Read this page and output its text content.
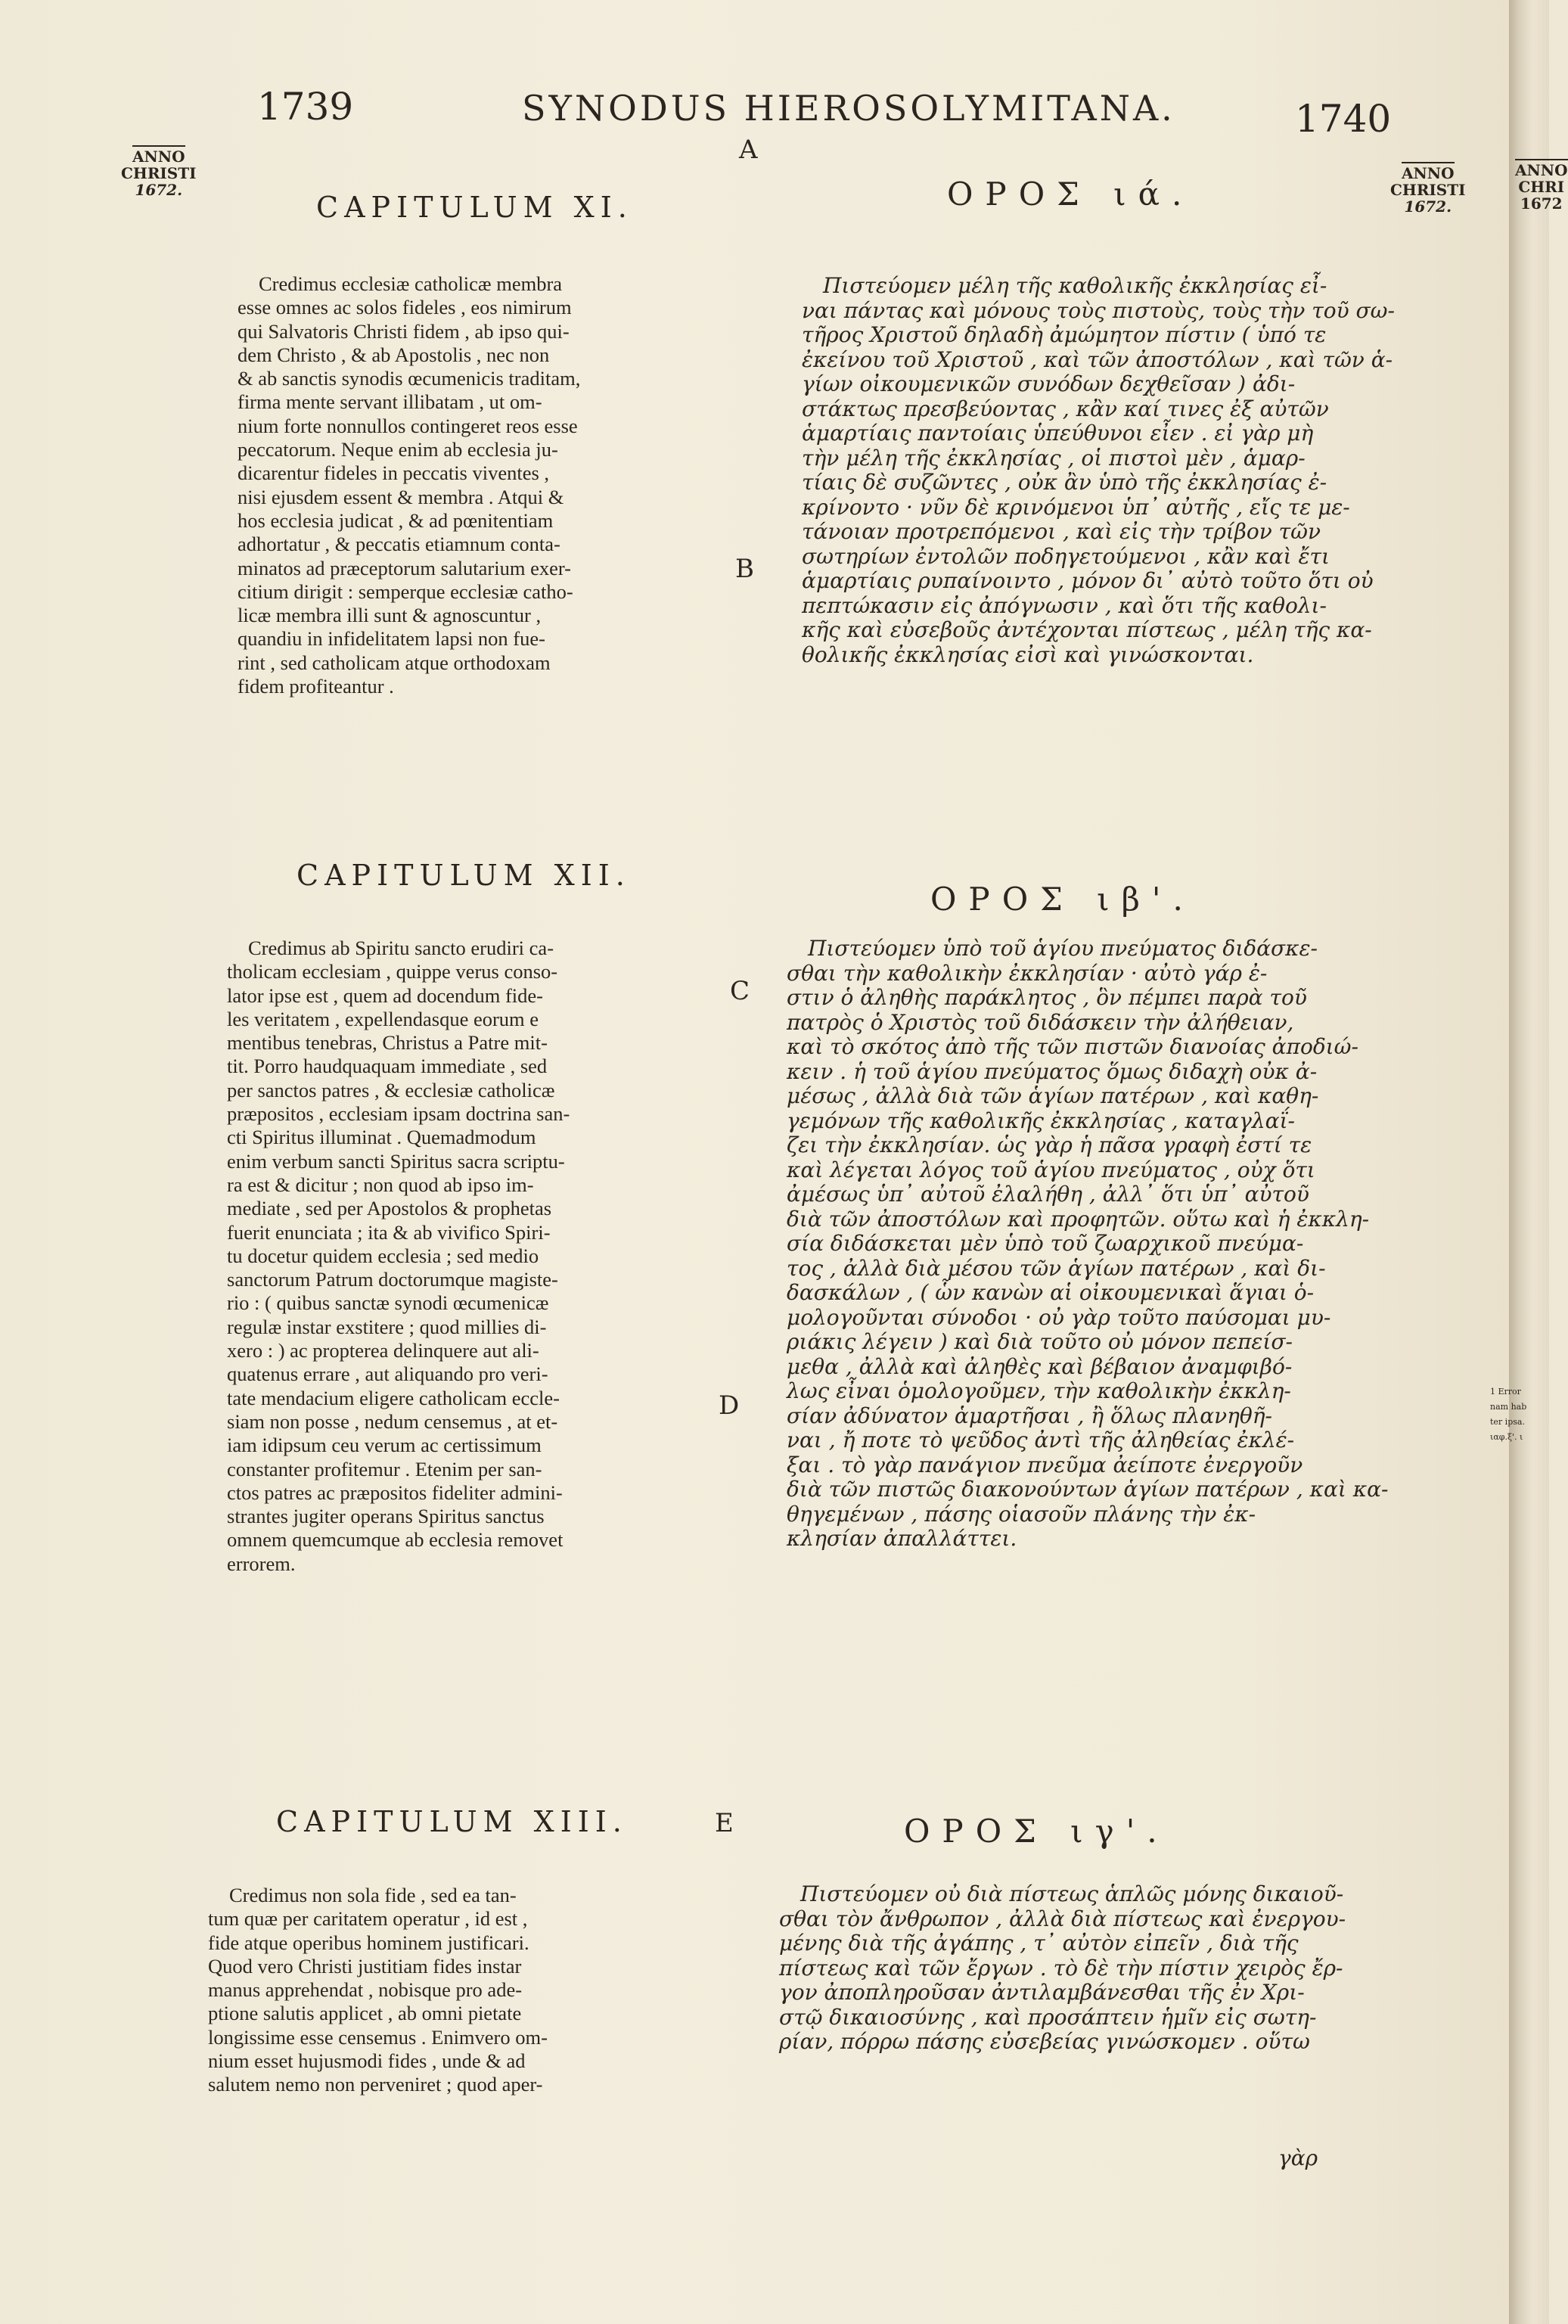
ANNO
CHRI
1672
1739	SYNODUS HIEROSOLYMITANA.	1740
ANNO
CHRISTI
1672.
ANNO
CHRISTI
1672.
A
B
C
D
E
CAPITULUM XI.	ΟΡΟΣ ιά.
CAPITULUM XII.
ΟΡΟΣ ιβ'.
CAPITULUM XIII.	ΟΡΟΣ ιγ'.
Credimus ecclesiæ catholicæ membra
esse omnes ac solos fideles , eos nimirum
qui Salvatoris Christi fidem , ab ipso qui-
dem Christo , & ab Apostolis , nec non
& ab sanctis synodis œcumenicis traditam,
firma mente servant illibatam , ut om-
nium forte nonnullos contingeret reos esse
peccatorum. Neque enim ab ecclesia ju-
dicarentur fideles in peccatis viventes ,
nisi ejusdem essent & membra . Atqui &
hos ecclesia judicat , & ad pœnitentiam
adhortatur , & peccatis etiamnum conta-
minatos ad præceptorum salutarium exer-
citium dirigit : semperque ecclesiæ catho-
licæ membra illi sunt & agnoscuntur ,
quandiu in infidelitatem lapsi non fue-
rint , sed catholicam atque orthodoxam
fidem profiteantur .
Credimus ab Spiritu sancto erudiri ca-
tholicam ecclesiam , quippe verus conso-
lator ipse est , quem ad docendum fide-
les veritatem , expellendasque eorum e
mentibus tenebras, Christus a Patre mit-
tit. Porro haudquaquam immediate , sed
per sanctos patres , & ecclesiæ catholicæ
præpositos , ecclesiam ipsam doctrina san-
cti Spiritus illuminat . Quemadmodum
enim verbum sancti Spiritus sacra scriptu-
ra est & dicitur ; non quod ab ipso im-
mediate , sed per Apostolos & prophetas
fuerit enunciata ; ita & ab vivifico Spiri-
tu docetur quidem ecclesia ; sed medio
sanctorum Patrum doctorumque magiste-
rio : ( quibus sanctæ synodi œcumenicæ
regulæ instar exstitere ; quod millies di-
xero : ) ac propterea delinquere aut ali-
quatenus errare , aut aliquando pro veri-
tate mendacium eligere catholicam eccle-
siam non posse , nedum censemus , at et-
iam idipsum ceu verum ac certissimum
constanter profitemur . Etenim per san-
ctos patres ac præpositos fideliter admini-
strantes jugiter operans Spiritus sanctus
omnem quemcumque ab ecclesia removet
errorem.
Credimus non sola fide , sed ea tan-
tum quæ per caritatem operatur , id est ,
fide atque operibus hominem justificari.
Quod vero Christi justitiam fides instar
manus apprehendat , nobisque pro ade-
ptione salutis applicet , ab omni pietate
longissime esse censemus . Enimvero om-
nium esset hujusmodi fides , unde & ad
salutem nemo non perveniret ; quod aper-
Πιστεύομεν μέλη τῆς καθολικῆς ἐκκλησίας εἶ-
ναι πάντας καὶ μόνους τοὺς πιστοὺς, τοὺς τὴν τοῦ σω-
τῆρος Χριστοῦ δηλαδὴ ἀμώμητον πίστιν ( ὑπό τε
ἐκείνου τοῦ Χριστοῦ , καὶ τῶν ἀποστόλων , καὶ τῶν ἁ-
γίων οἰκουμενικῶν συνόδων δεχθεῖσαν ) ἀδι-
στάκτως πρεσβεύοντας , κἂν καί τινες ἐξ αὐτῶν
ἁμαρτίαις παντοίαις ὑπεύθυνοι εἶεν . εἰ γὰρ μὴ
τὴν μέλη τῆς ἐκκλησίας , οἱ πιστοὶ μὲν , ἁμαρ-
τίαις δὲ συζῶντες , οὐκ ἂν ὑπὸ τῆς ἐκκλησίας ἐ-
κρίνοντο · νῦν δὲ κρινόμενοι ὑπ᾽ αὐτῆς , εἴς τε με-
τάνοιαν προτρεπόμενοι , καὶ εἰς τὴν τρίβον τῶν
σωτηρίων ἐντολῶν ποδηγετούμενοι , κἂν καὶ ἔτι
ἁμαρτίαις ρυπαίνοιντο , μόνον δι᾽ αὐτὸ τοῦτο ὅτι οὐ
πεπτώκασιν εἰς ἀπόγνωσιν , καὶ ὅτι τῆς καθολι-
κῆς καὶ εὐσεβοῦς ἀντέχονται πίστεως , μέλη τῆς κα-
θολικῆς ἐκκλησίας εἰσὶ καὶ γινώσκονται.
Πιστεύομεν ὑπὸ τοῦ ἁγίου πνεύματος διδάσκε-
σθαι τὴν καθολικὴν ἐκκλησίαν · αὐτὸ γάρ ἐ-
στιν ὁ ἀληθὴς παράκλητος , ὃν πέμπει παρὰ τοῦ
πατρὸς ὁ Χριστὸς τοῦ διδάσκειν τὴν ἀλήθειαν,
καὶ τὸ σκότος ἀπὸ τῆς τῶν πιστῶν διανοίας ἀποδιώ-
κειν . ἡ τοῦ ἁγίου πνεύματος ὅμως διδαχὴ οὐκ ἀ-
μέσως , ἀλλὰ διὰ τῶν ἁγίων πατέρων , καὶ καθη-
γεμόνων τῆς καθολικῆς ἐκκλησίας , καταγλαΐ-
ζει τὴν ἐκκλησίαν. ὡς γὰρ ἡ πᾶσα γραφὴ ἐστί τε
καὶ λέγεται λόγος τοῦ ἁγίου πνεύματος , οὐχ ὅτι
ἀμέσως ὑπ᾽ αὐτοῦ ἐλαλήθη , ἀλλ᾽ ὅτι ὑπ᾽ αὐτοῦ
διὰ τῶν ἀποστόλων καὶ προφητῶν. οὕτω καὶ ἡ ἐκκλη-
σία διδάσκεται μὲν ὑπὸ τοῦ ζωαρχικοῦ πνεύμα-
τος , ἀλλὰ διὰ μέσου τῶν ἁγίων πατέρων , καὶ δι-
δασκάλων , ( ὧν κανὼν αἱ οἰκουμενικαὶ ἅγιαι ὁ-
μολογοῦνται σύνοδοι · οὐ γὰρ τοῦτο παύσομαι μυ-
ριάκις λέγειν ) καὶ διὰ τοῦτο οὐ μόνον πεπείσ-
μεθα , ἀλλὰ καὶ ἀληθὲς καὶ βέβαιον ἀναμφιβό-
λως εἶναι ὁμολογοῦμεν, τὴν καθολικὴν ἐκκλη-
σίαν ἀδύνατον ἁμαρτῆσαι , ἢ ὅλως πλανηθῆ-
ναι , ἤ ποτε τὸ ψεῦδος ἀντὶ τῆς ἀληθείας ἐκλέ-
ξαι . τὸ γὰρ πανάγιον πνεῦμα ἀείποτε ἐνεργοῦν
διὰ τῶν πιστῶς διακονούντων ἁγίων πατέρων , καὶ κα-
θηγεμένων , πάσης οἱασοῦν πλάνης τὴν ἐκ-
κλησίαν ἀπαλλάττει.
Πιστεύομεν οὐ διὰ πίστεως ἁπλῶς μόνης δικαιοῦ-
σθαι τὸν ἄνθρωπον , ἀλλὰ διὰ πίστεως καὶ ἐνεργου-
μένης διὰ τῆς ἀγάπης , τ᾽ αὐτὸν εἰπεῖν , διὰ τῆς
πίστεως καὶ τῶν ἔργων . τὸ δὲ τὴν πίστιν χειρὸς ἔρ-
γον ἀποπληροῦσαν ἀντιλαμβάνεσθαι τῆς ἐν Χρι-
στῷ δικαιοσύνης , καὶ προσάπτειν ἡμῖν εἰς σωτη-
ρίαν, πόρρω πάσης εὐσεβείας γινώσκομεν . οὕτω
γὰρ
1 Error
nam hab
ter ipsa.
ιαφ.ξ'. ι
